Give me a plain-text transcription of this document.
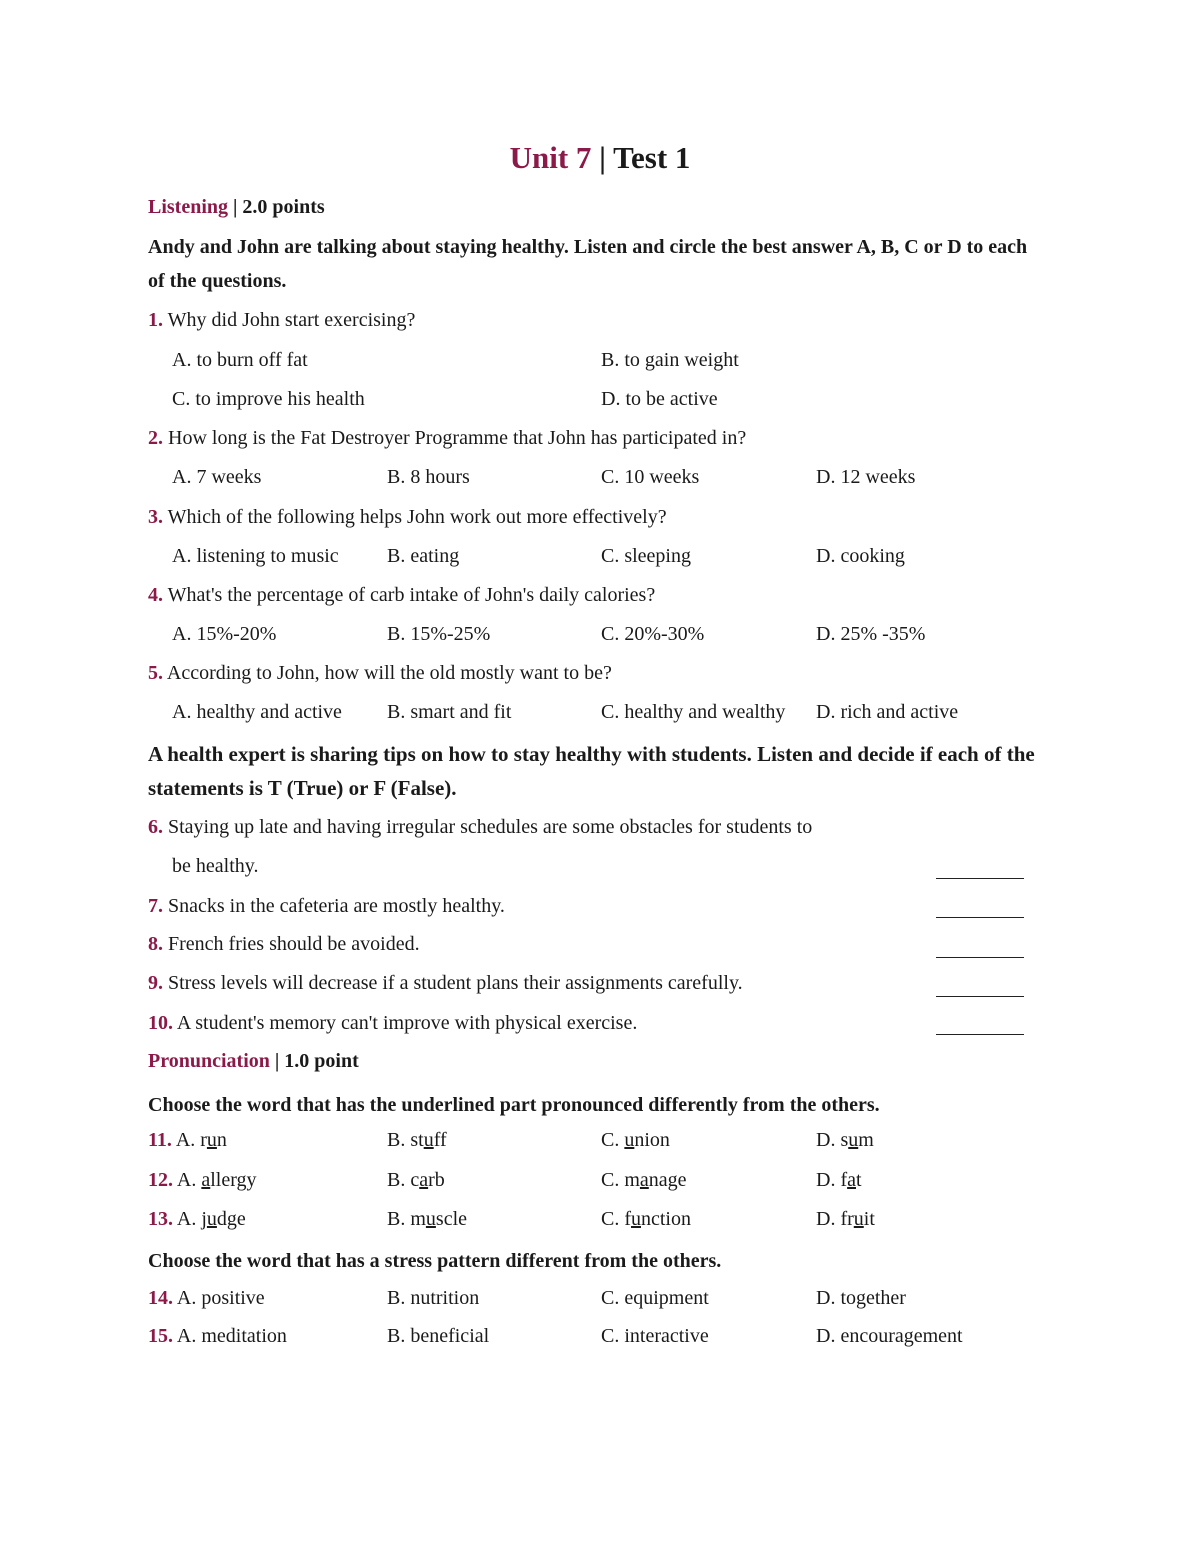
Unit 7 | Test 1
Listening | 2.0 points
Andy and John are talking about staying healthy. Listen and circle the best answer A, B, C or D to each of the questions.
1. Why did John start exercising?
A. to burn off fat	B. to gain weight
C. to improve his health	D. to be active
2. How long is the Fat Destroyer Programme that John has participated in?
A. 7 weeks	B. 8 hours	C. 10 weeks	D. 12 weeks
3. Which of the following helps John work out more effectively?
A. listening to music B. eating	C. sleeping	D. cooking
4. What's the percentage of carb intake of John's daily calories?
A. 15%-20%	B. 15%-25%	C. 20%-30%	D. 25% -35%
5. According to John, how will the old mostly want to be?
A. healthy and active B. smart and fit	C. healthy and wealthy D. rich and active
A health expert is sharing tips on how to stay healthy with students. Listen and decide if each of the statements is T (True) or F (False).
6. Staying up late and having irregular schedules are some obstacles for students to
be healthy.
7. Snacks in the cafeteria are mostly healthy.
8. French fries should be avoided.
9. Stress levels will decrease if a student plans their assignments carefully.
10. A student's memory can't improve with physical exercise.
Pronunciation | 1.0 point
Choose the word that has the underlined part pronounced differently from the others.
11. A. run	B. stuff	C. union	D. sum
12. A. allergy	B. carb	C. manage	D. fat
13. A. judge	B. muscle	C. function	D. fruit
Choose the word that has a stress pattern different from the others.
14. A. positive	B. nutrition	C. equipment	D. together
15. A. meditation	B. beneficial	C. interactive	D. encouragement
